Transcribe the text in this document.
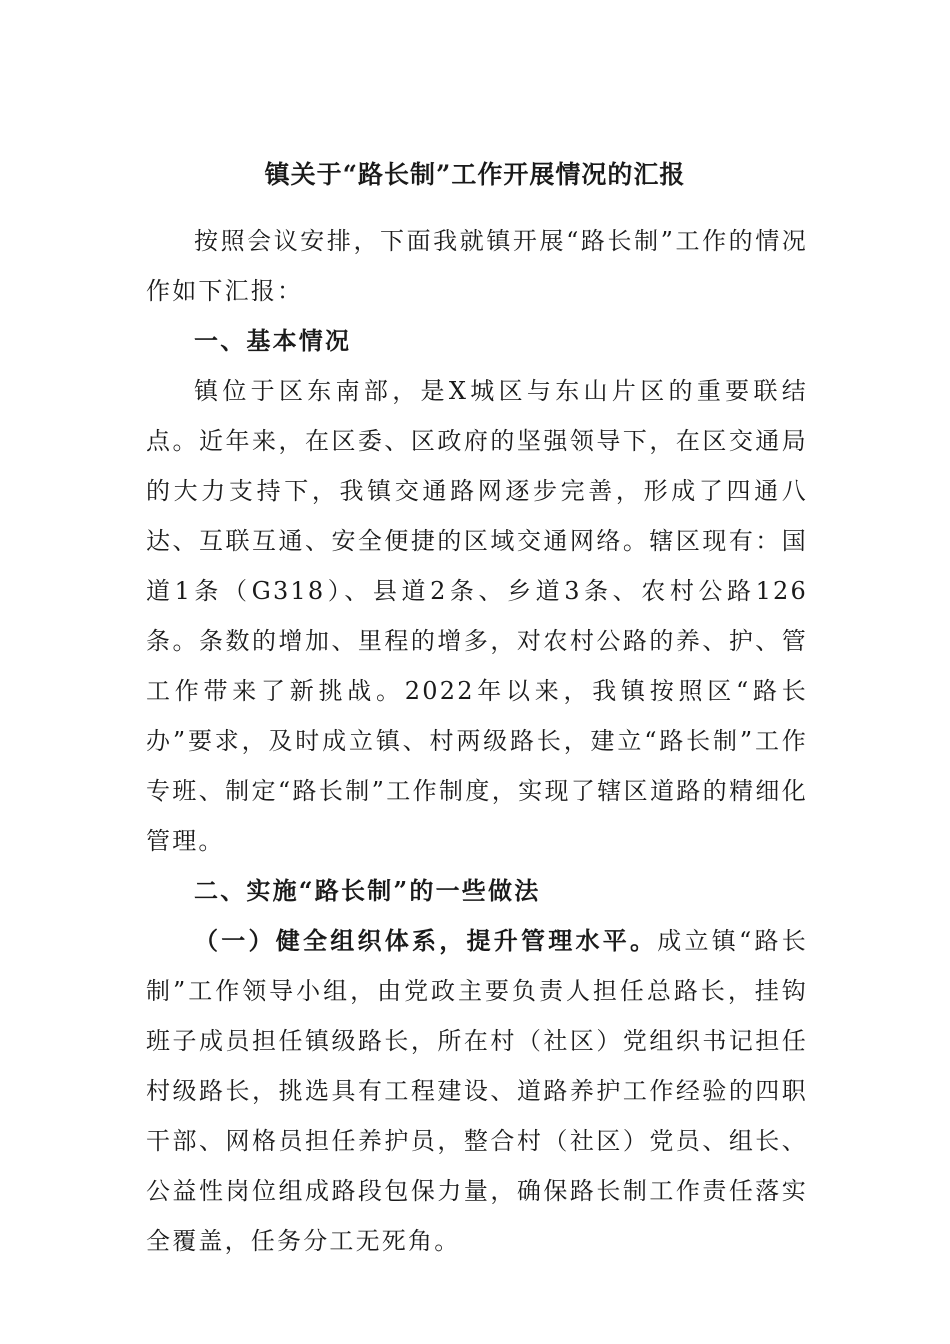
镇关于“路长制”工作开展情况的汇报

按照会议安排，下面我就镇开展“路长制”工作的情况作如下汇报：

一、基本情况

镇位于区东南部，是X城区与东山片区的重要联结点。近年来，在区委、区政府的坚强领导下，在区交通局的大力支持下，我镇交通路网逐步完善，形成了四通八达、互联互通、安全便捷的区域交通网络。辖区现有：国道1条（G318）、县道2条、乡道3条、农村公路126条。条数的增加、里程的增多，对农村公路的养、护、管工作带来了新挑战。2022年以来，我镇按照区“路长办”要求，及时成立镇、村两级路长，建立“路长制”工作专班、制定“路长制”工作制度，实现了辖区道路的精细化管理。

二、实施“路长制”的一些做法

（一）健全组织体系，提升管理水平。成立镇“路长制”工作领导小组，由党政主要负责人担任总路长，挂钩班子成员担任镇级路长，所在村（社区）党组织书记担任村级路长，挑选具有工程建设、道路养护工作经验的四职干部、网格员担任养护员，整合村（社区）党员、组长、公益性岗位组成路段包保力量，确保路长制工作责任落实全覆盖，任务分工无死角。
